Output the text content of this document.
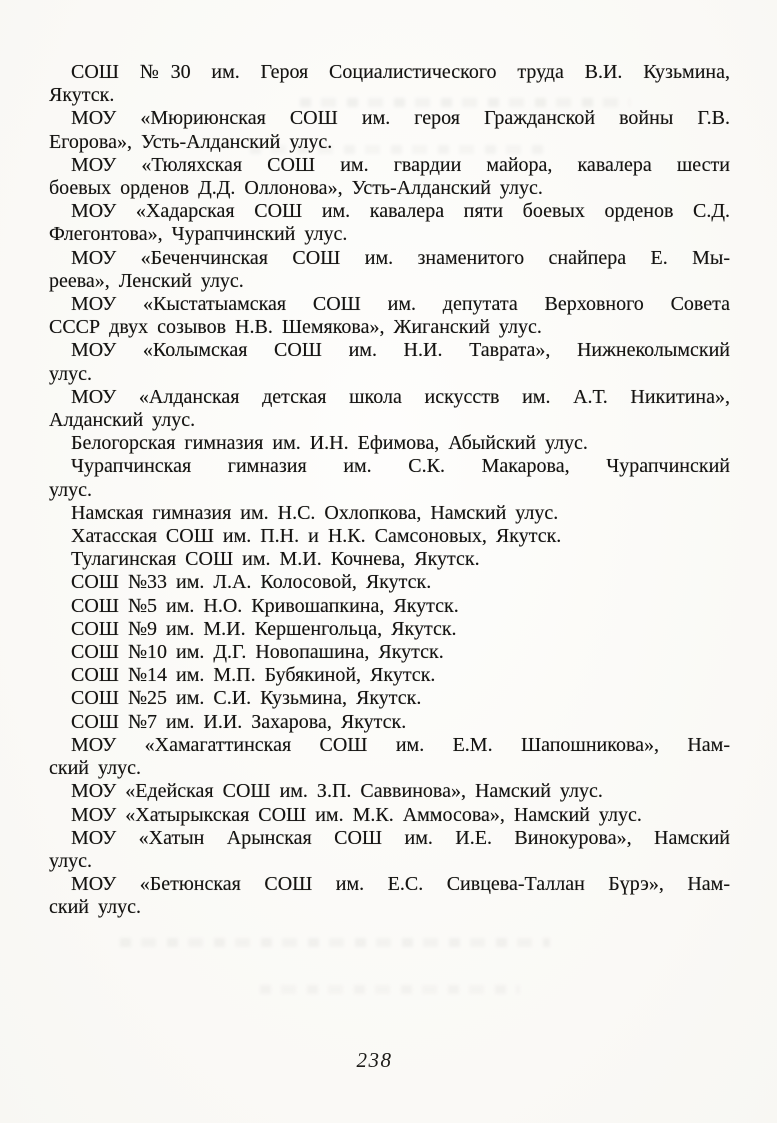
СОШ №30 им. Героя Социалистического труда В.И. Кузьмина,
Якутск.
МОУ «Мюриюнская СОШ им. героя Гражданской войны Г.В.
Егорова», Усть-Алданский улус.
МОУ «Тюляхская СОШ им. гвардии майора, кавалера шести
боевых орденов Д.Д. Оллонова», Усть-Алданский улус.
МОУ «Хадарская СОШ им. кавалера пяти боевых орденов С.Д.
Флегонтова», Чурапчинский улус.
МОУ «Беченчинская СОШ им. знаменитого снайпера Е. Мы-
реева», Ленский улус.
МОУ «Кыстатыамская СОШ им. депутата Верховного Совета
СССР двух созывов Н.В. Шемякова», Жиганский улус.
МОУ «Колымская СОШ им. Н.И. Таврата», Нижнеколымский
улус.
МОУ «Алданская детская школа искусств им. А.Т. Никитина»,
Алданский улус.
Белогорская гимназия им. И.Н. Ефимова, Абыйский улус.
Чурапчинская гимназия им. С.К. Макарова, Чурапчинский
улус.
Намская гимназия им. Н.С. Охлопкова, Намский улус.
Хатасская СОШ им. П.Н. и Н.К. Самсоновых, Якутск.
Тулагинская СОШ им. М.И. Кочнева, Якутск.
СОШ №33 им. Л.А. Колосовой, Якутск.
СОШ №5 им. Н.О. Кривошапкина, Якутск.
СОШ №9 им. М.И. Кершенгольца, Якутск.
СОШ №10 им. Д.Г. Новопашина, Якутск.
СОШ №14 им. М.П. Бубякиной, Якутск.
СОШ №25 им. С.И. Кузьмина, Якутск.
СОШ №7 им. И.И. Захарова, Якутск.
МОУ «Хамагаттинская СОШ им. Е.М. Шапошникова», Нам-
ский улус.
МОУ «Едейская СОШ им. З.П. Саввинова», Намский улус.
МОУ «Хатырыкская СОШ им. М.К. Аммосова», Намский улус.
МОУ «Хатын Арынская СОШ им. И.Е. Винокурова», Намский
улус.
МОУ «Бетюнская СОШ им. Е.С. Сивцева-Таллан Бүрэ», Нам-
ский улус.
238
